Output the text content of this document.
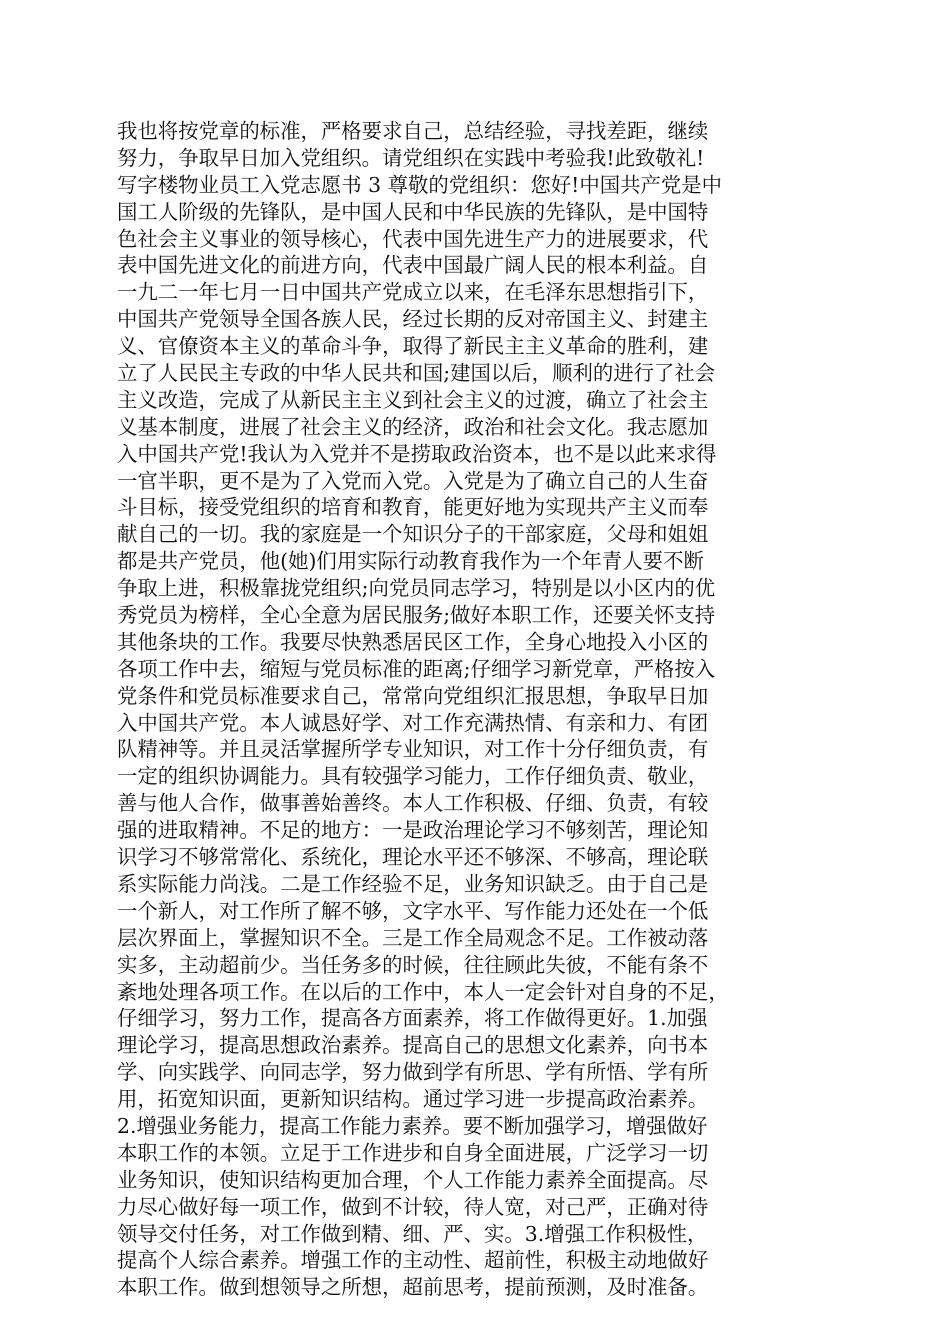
我也将按党章的标准，严格要求自己，总结经验，寻找差距，继续
努力，争取早日加入党组织。请党组织在实践中考验我!此致敬礼!
写字楼物业员工入党志愿书 3 尊敬的党组织：您好!中国共产党是中
国工人阶级的先锋队，是中国人民和中华民族的先锋队，是中国特
色社会主义事业的领导核心，代表中国先进生产力的进展要求，代
表中国先进文化的前进方向，代表中国最广阔人民的根本利益。自
一九二一年七月一日中国共产党成立以来，在毛泽东思想指引下，
中国共产党领导全国各族人民，经过长期的反对帝国主义、封建主
义、官僚资本主义的革命斗争，取得了新民主主义革命的胜利，建
立了人民民主专政的中华人民共和国;建国以后，顺利的进行了社会
主义改造，完成了从新民主主义到社会主义的过渡，确立了社会主
义基本制度，进展了社会主义的经济，政治和社会文化。我志愿加
入中国共产党!我认为入党并不是捞取政治资本，也不是以此来求得
一官半职，更不是为了入党而入党。入党是为了确立自己的人生奋
斗目标，接受党组织的培育和教育，能更好地为实现共产主义而奉
献自己的一切。我的家庭是一个知识分子的干部家庭，父母和姐姐
都是共产党员，他(她)们用实际行动教育我作为一个年青人要不断
争取上进，积极靠拢党组织;向党员同志学习，特别是以小区内的优
秀党员为榜样，全心全意为居民服务;做好本职工作，还要关怀支持
其他条块的工作。我要尽快熟悉居民区工作，全身心地投入小区的
各项工作中去，缩短与党员标准的距离;仔细学习新党章，严格按入
党条件和党员标准要求自己，常常向党组织汇报思想，争取早日加
入中国共产党。本人诚恳好学、对工作充满热情、有亲和力、有团
队精神等。并且灵活掌握所学专业知识，对工作十分仔细负责，有
一定的组织协调能力。具有较强学习能力，工作仔细负责、敬业，
善与他人合作，做事善始善终。本人工作积极、仔细、负责，有较
强的进取精神。不足的地方：一是政治理论学习不够刻苦，理论知
识学习不够常常化、系统化，理论水平还不够深、不够高，理论联
系实际能力尚浅。二是工作经验不足，业务知识缺乏。由于自己是
一个新人，对工作所了解不够，文字水平、写作能力还处在一个低
层次界面上，掌握知识不全。三是工作全局观念不足。工作被动落
实多，主动超前少。当任务多的时候，往往顾此失彼，不能有条不
紊地处理各项工作。在以后的工作中，本人一定会针对自身的不足，
仔细学习，努力工作，提高各方面素养，将工作做得更好。1.加强
理论学习，提高思想政治素养。提高自己的思想文化素养，向书本
学、向实践学、向同志学，努力做到学有所思、学有所悟、学有所
用，拓宽知识面，更新知识结构。通过学习进一步提高政治素养。
2.增强业务能力，提高工作能力素养。要不断加强学习，增强做好
本职工作的本领。立足于工作进步和自身全面进展，广泛学习一切
业务知识，使知识结构更加合理，个人工作能力素养全面提高。尽
力尽心做好每一项工作，做到不计较，待人宽，对己严，正确对待
领导交付任务，对工作做到精、细、严、实。3.增强工作积极性，
提高个人综合素养。增强工作的主动性、超前性，积极主动地做好
本职工作。做到想领导之所想，超前思考，提前预测，及时准备。
